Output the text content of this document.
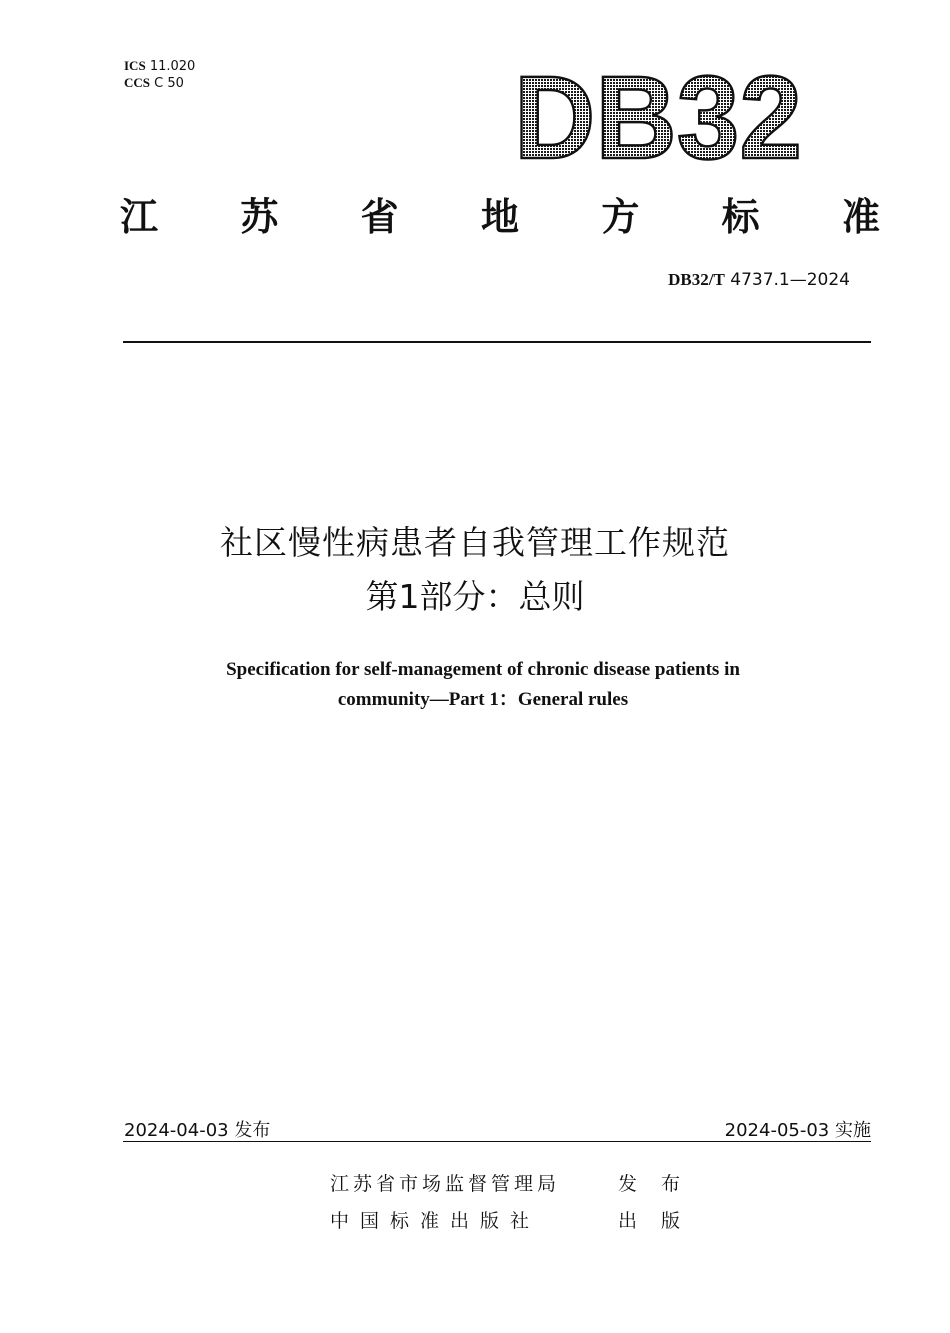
ICS 11.020
CCS C 50	DB32
江 苏 省 地 方 标 准
DB32/T 4737.1—2024
社区慢性病患者自我管理工作规范
第1部分：总则
Specification for self-management of chronic disease patients in
community—Part 1：General rules
2024-04-03 发布	2024-05-03 实施
江苏省市场监督管理局	发布
中国标准出版社	出版
